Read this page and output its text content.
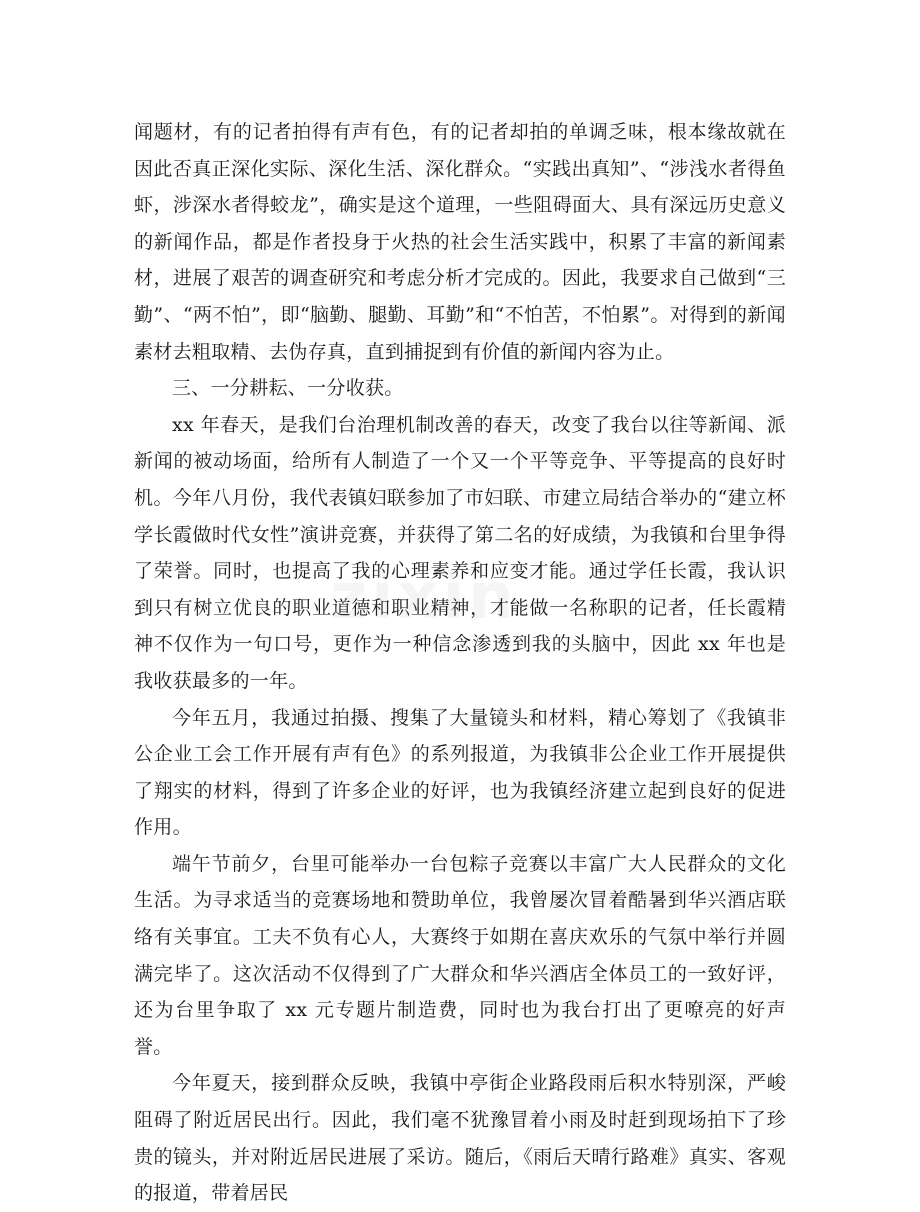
闻题材，有的记者拍得有声有色，有的记者却拍的单调乏味，根本缘故就在因此否真正深化实际、深化生活、深化群众。“实践出真知”、“涉浅水者得鱼虾，涉深水者得蛟龙”，确实是这个道理，一些阻碍面大、具有深远历史意义的新闻作品，都是作者投身于火热的社会生活实践中，积累了丰富的新闻素材，进展了艰苦的调查研究和考虑分析才完成的。因此，我要求自己做到“三勤”、“两不怕”，即“脑勤、腿勤、耳勤”和“不怕苦，不怕累”。对得到的新闻素材去粗取精、去伪存真，直到捕捉到有价值的新闻内容为止。

三、一分耕耘、一分收获。

xx 年春天，是我们台治理机制改善的春天，改变了我台以往等新闻、派新闻的被动场面，给所有人制造了一个又一个平等竞争、平等提高的良好时机。今年八月份，我代表镇妇联参加了市妇联、市建立局结合举办的“建立杯学长霞做时代女性”演讲竞赛，并获得了第二名的好成绩，为我镇和台里争得了荣誉。同时，也提高了我的心理素养和应变才能。通过学任长霞，我认识到只有树立优良的职业道德和职业精神，才能做一名称职的记者，任长霞精神不仅作为一句口号，更作为一种信念渗透到我的头脑中，因此 xx 年也是我收获最多的一年。

今年五月，我通过拍摄、搜集了大量镜头和材料，精心筹划了《我镇非公企业工会工作开展有声有色》的系列报道，为我镇非公企业工作开展提供了翔实的材料，得到了许多企业的好评，也为我镇经济建立起到良好的促进作用。

端午节前夕，台里可能举办一台包粽子竞赛以丰富广大人民群众的文化生活。为寻求适当的竞赛场地和赞助单位，我曾屡次冒着酷暑到华兴酒店联络有关事宜。工夫不负有心人，大赛终于如期在喜庆欢乐的气氛中举行并圆满完毕了。这次活动不仅得到了广大群众和华兴酒店全体员工的一致好评，还为台里争取了 xx 元专题片制造费，同时也为我台打出了更嘹亮的好声誉。

今年夏天，接到群众反映，我镇中亭街企业路段雨后积水特别深，严峻阻碍了附近居民出行。因此，我们毫不犹豫冒着小雨及时赶到现场拍下了珍贵的镜头，并对附近居民进展了采访。随后，《雨后天晴行路难》真实、客观的报道，带着居民

zixin
